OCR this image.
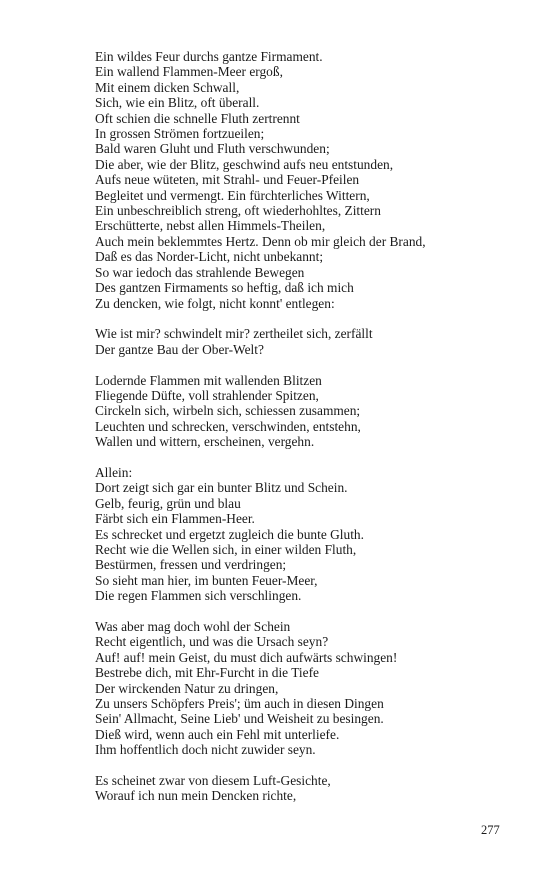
Ein wildes Feur durchs gantze Firmament.
Ein wallend Flammen-Meer ergoß,
Mit einem dicken Schwall,
Sich, wie ein Blitz, oft überall.
Oft schien die schnelle Fluth zertrennt
In grossen Strömen fortzueilen;
Bald waren Gluht und Fluth verschwunden;
Die aber, wie der Blitz, geschwind aufs neu entstunden,
Aufs neue wüteten, mit Strahl- und Feuer-Pfeilen
Begleitet und vermengt. Ein fürchterliches Wittern,
Ein unbeschreiblich streng, oft wiederhohltes, Zittern
Erschütterte, nebst allen Himmels-Theilen,
Auch mein beklemmtes Hertz. Denn ob mir gleich der Brand,
Daß es das Norder-Licht, nicht unbekannt;
So war iedoch das strahlende Bewegen
Des gantzen Firmaments so heftig, daß ich mich
Zu dencken, wie folgt, nicht konnt' entlegen:
Wie ist mir? schwindelt mir? zertheilet sich, zerfällt
Der gantze Bau der Ober-Welt?
Lodernde Flammen mit wallenden Blitzen
Fliegende Düfte, voll strahlender Spitzen,
Circkeln sich, wirbeln sich, schiessen zusammen;
Leuchten und schrecken, verschwinden, entstehn,
Wallen und wittern, erscheinen, vergehn.
Allein:
Dort zeigt sich gar ein bunter Blitz und Schein.
Gelb, feurig, grün und blau
Färbt sich ein Flammen-Heer.
Es schrecket und ergetzt zugleich die bunte Gluth.
Recht wie die Wellen sich, in einer wilden Fluth,
Bestürmen, fressen und verdringen;
So sieht man hier, im bunten Feuer-Meer,
Die regen Flammen sich verschlingen.
Was aber mag doch wohl der Schein
Recht eigentlich, und was die Ursach seyn?
Auf! auf! mein Geist, du must dich aufwärts schwingen!
Bestrebe dich, mit Ehr-Furcht in die Tiefe
Der wirckenden Natur zu dringen,
Zu unsers Schöpfers Preis'; üm auch in diesen Dingen
Sein' Allmacht, Seine Lieb' und Weisheit zu besingen.
Dieß wird, wenn auch ein Fehl mit unterliefe.
Ihm hoffentlich doch nicht zuwider seyn.
Es scheinet zwar von diesem Luft-Gesichte,
Worauf ich nun mein Dencken richte,
277
